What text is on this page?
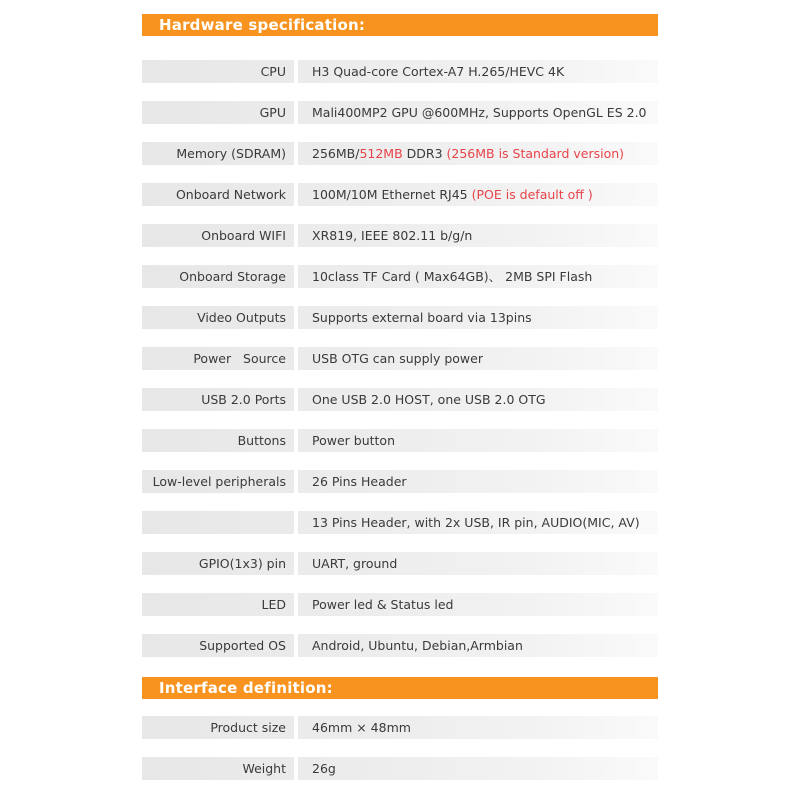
Hardware specification:
CPU H3 Quad-core Cortex-A7 H.265/HEVC 4K
GPU Mali400MP2 GPU @600MHz, Supports OpenGL ES 2.0
Memory (SDRAM) 256MB/512MB DDR3 (256MB is Standard version)
Onboard Network 100M/10M Ethernet RJ45 (POE is default off )
Onboard WIFI XR819, IEEE 802.11 b/g/n
Onboard Storage 10class TF Card ( Max64GB)、 2MB SPI Flash
Video Outputs Supports external board via 13pins
Power   Source USB OTG can supply power
USB 2.0 Ports One USB 2.0 HOST, one USB 2.0 OTG
Buttons Power button
Low-level peripherals 26 Pins Header
13 Pins Header, with 2x USB, IR pin, AUDIO(MIC, AV)
GPIO(1x3) pin UART, ground
LED Power led & Status led
Supported OS Android, Ubuntu, Debian,Armbian
Interface definition:
Product size 46mm × 48mm
Weight 26g
